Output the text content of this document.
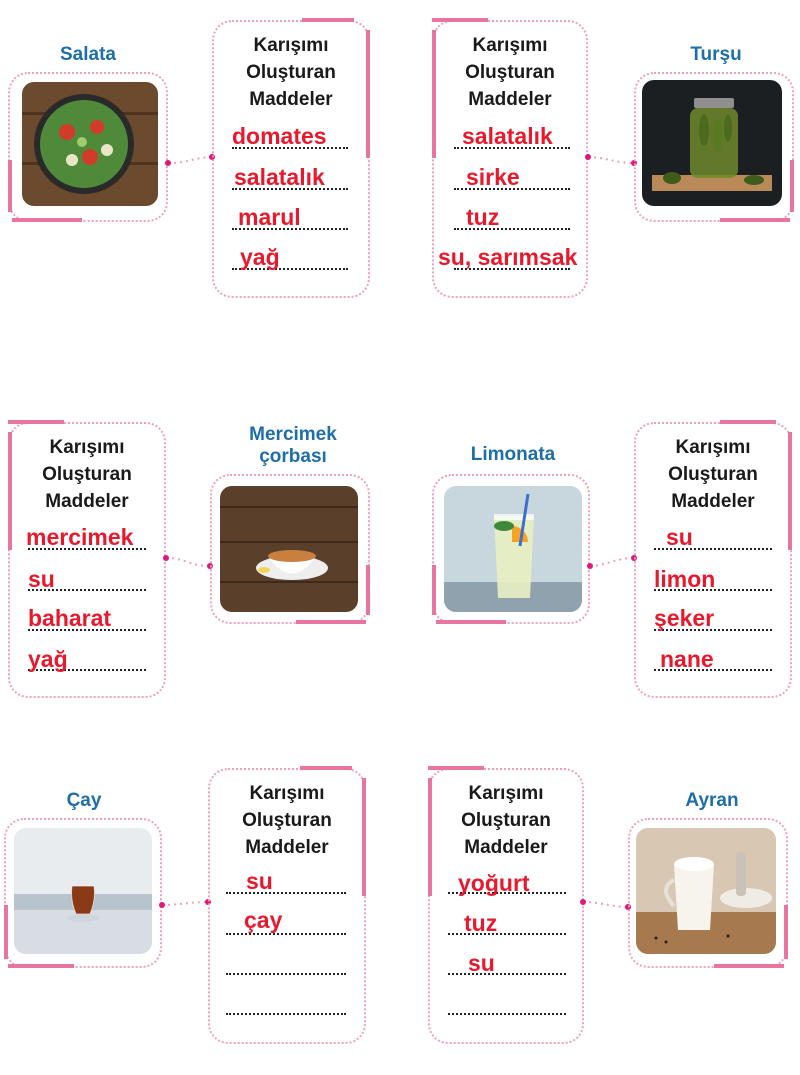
Salata	Karışımı
Oluşturan
Maddeler
domates
salatalık
marul
yağ
Karışımı
Oluşturan
Maddeler
salatalık
sirke
tuz
su, sarımsak
Turşu
Karışımı
Oluşturan
Maddeler
mercimek
su
baharat
yağ
Mercimek
çorbası	Limonata	Karışımı
Oluşturan
Maddeler
su
limon
şeker
nane
Çay	Karışımı
Oluşturan
Maddeler
su
çay
Karışımı
Oluşturan
Maddeler
yoğurt
tuz
su
Ayran
